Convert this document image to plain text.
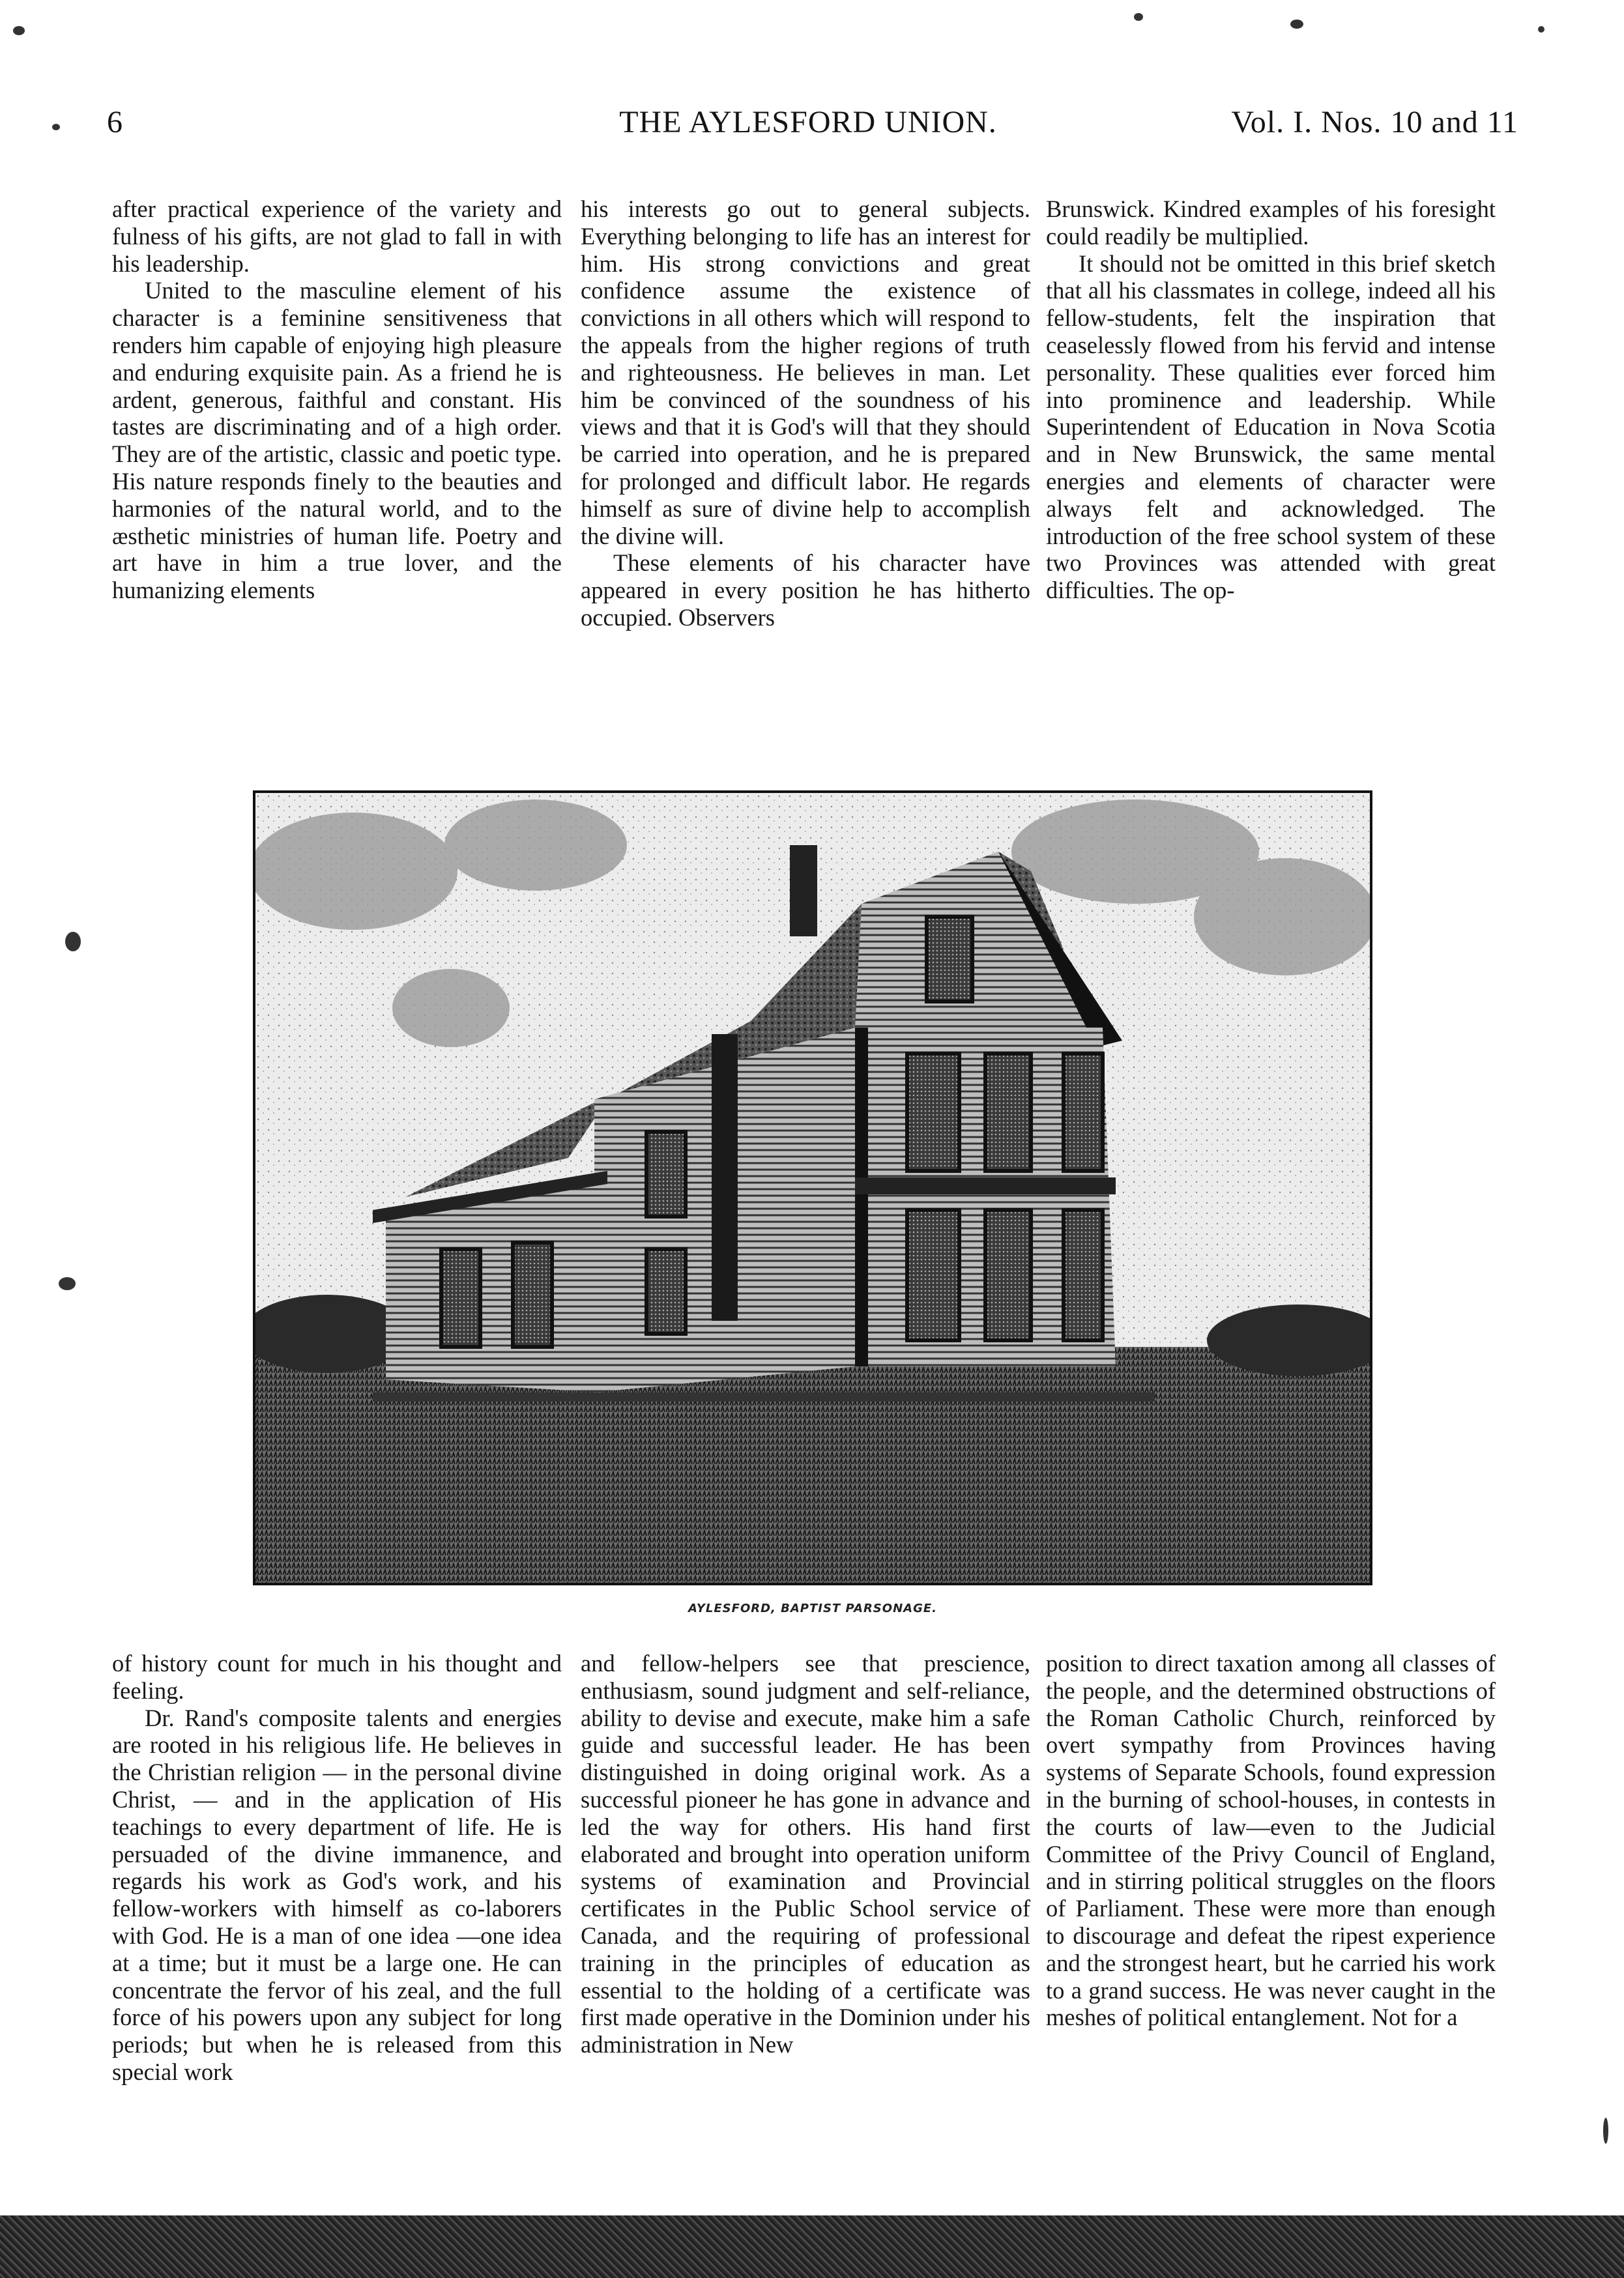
6	THE AYLESFORD UNION.	Vol. I. Nos. 10 and 11

after practical experience of the variety and fulness of his gifts, are not glad to fall in with his leadership.

United to the masculine element of his character is a feminine sensitiveness that renders him capable of enjoying high pleasure and enduring exquisite pain. As a friend he is ardent, generous, faithful and constant. His tastes are discriminating and of a high order. They are of the artistic, classic and poetic type. His nature responds finely to the beauties and harmonies of the natural world, and to the æsthetic ministries of human life. Poetry and art have in him a true lover, and the humanizing elements

his interests go out to general subjects. Everything belonging to life has an interest for him. His strong convictions and great confidence assume the existence of convictions in all others which will respond to the appeals from the higher regions of truth and righteousness. He believes in man. Let him be convinced of the soundness of his views and that it is God's will that they should be carried into operation, and he is prepared for prolonged and difficult labor. He regards himself as sure of divine help to accomplish the divine will.

These elements of his character have appeared in every position he has hitherto occupied. Observers

Brunswick. Kindred examples of his foresight could readily be multiplied.

It should not be omitted in this brief sketch that all his classmates in college, indeed all his fellow-students, felt the inspiration that ceaselessly flowed from his fervid and intense personality. These qualities ever forced him into prominence and leadership. While Superintendent of Education in Nova Scotia and in New Brunswick, the same mental energies and elements of character were always felt and acknowledged. The introduction of the free school system of these two Provinces was attended with great difficulties. The op-

AYLESFORD, BAPTIST PARSONAGE.

of history count for much in his thought and feeling.

Dr. Rand's composite talents and energies are rooted in his religious life. He believes in the Christian religion — in the personal divine Christ, — and in the application of His teachings to every department of life. He is persuaded of the divine immanence, and regards his work as God's work, and his fellow-workers with himself as co-laborers with God. He is a man of one idea —one idea at a time; but it must be a large one. He can concentrate the fervor of his zeal, and the full force of his powers upon any subject for long periods; but when he is released from this special work

and fellow-helpers see that prescience, enthusiasm, sound judgment and self-reliance, ability to devise and execute, make him a safe guide and successful leader. He has been distinguished in doing original work. As a successful pioneer he has gone in advance and led the way for others. His hand first elaborated and brought into operation uniform systems of examination and Provincial certificates in the Public School service of Canada, and the requiring of professional training in the principles of education as essential to the holding of a certificate was first made operative in the Dominion under his administration in New

position to direct taxation among all classes of the people, and the determined obstructions of the Roman Catholic Church, reinforced by overt sympathy from Provinces having systems of Separate Schools, found expression in the burning of school-houses, in contests in the courts of law—even to the Judicial Committee of the Privy Council of England, and in stirring political struggles on the floors of Parliament. These were more than enough to discourage and defeat the ripest experience and the strongest heart, but he carried his work to a grand success. He was never caught in the meshes of political entanglement. Not for a
